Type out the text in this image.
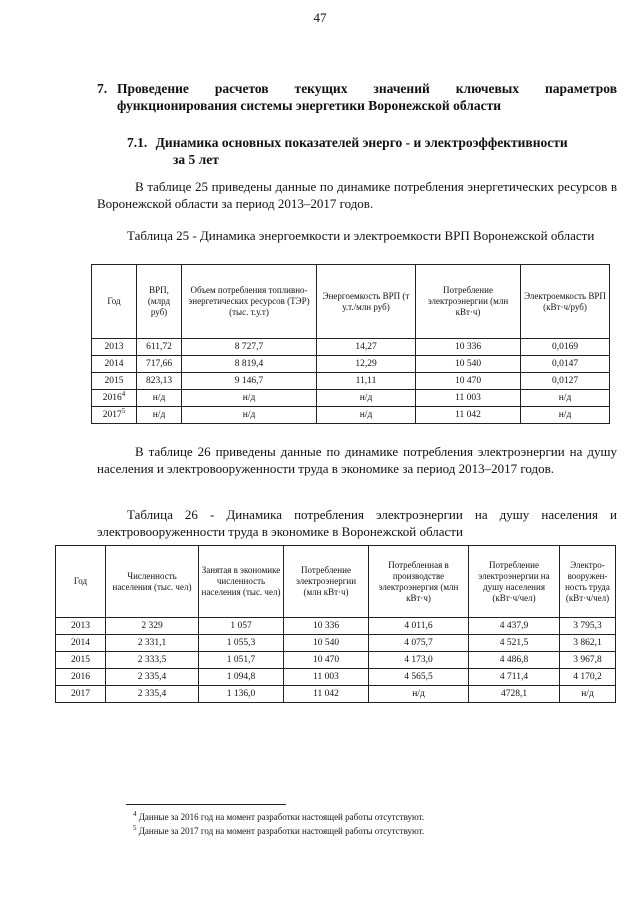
47
7. Проведение расчетов текущих значений ключевых параметров
функционирования системы энергетики Воронежской области
7.1. Динамика основных показателей энерго - и электроэффективности
за 5 лет
В таблице 25 приведены данные по динамике потребления энергетических ресурсов в Воронежской области за период 2013–2017 годов.
Таблица 25 - Динамика энергоемкости и электроемкости ВРП Воронежской области
Год	ВРП, (млрд руб)	Объем потребления топливно-энергетических ресурсов (ТЭР) (тыс. т.у.т)	Энергоемкость ВРП (т у.т./млн руб)	Потребление электроэнергии (млн кВт·ч)	Электроемкость ВРП (кВт·ч/руб)
2013	611,72	8 727,7	14,27	10 336	0,0169
2014	717,66	8 819,4	12,29	10 540	0,0147
2015	823,13	9 146,7	11,11	10 470	0,0127
2016$^4$	н/д	н/д	н/д	11 003	н/д
2017$^5$	н/д	н/д	н/д	11 042	н/д
В таблице 26 приведены данные по динамике потребления электроэнергии на душу населения и электровооруженности труда в экономике за период 2013–2017 годов.
Таблица 26 - Динамика потребления электроэнергии на душу населения и электровооруженности труда в экономике в Воронежской области
Год	Численность населения (тыс. чел)	Занятая в экономике численность населения (тыс. чел)	Потребление электроэнергии (млн кВт·ч)	Потребленная в производстве электроэнергия (млн кВт·ч)	Потребление электроэнергии на душу населения (кВт·ч/чел)	Электро-вооружен-ность труда (кВт·ч/чел)
2013	2 329	1 057	10 336	4 011,6	4 437,9	3 795,3
2014	2 331,1	1 055,3	10 540	4 075,7	4 521,5	3 862,1
2015	2 333,5	1 051,7	10 470	4 173,0	4 486,8	3 967,8
2016	2 335,4	1 094,8	11 003	4 565,5	4 711,4	4 170,2
2017	2 335,4	1 136,0	11 042	н/д	4728,1	н/д
$^4$ Данные за 2016 год на момент разработки настоящей работы отсутствуют.
$^5$ Данные за 2017 год на момент разработки настоящей работы отсутствуют.
